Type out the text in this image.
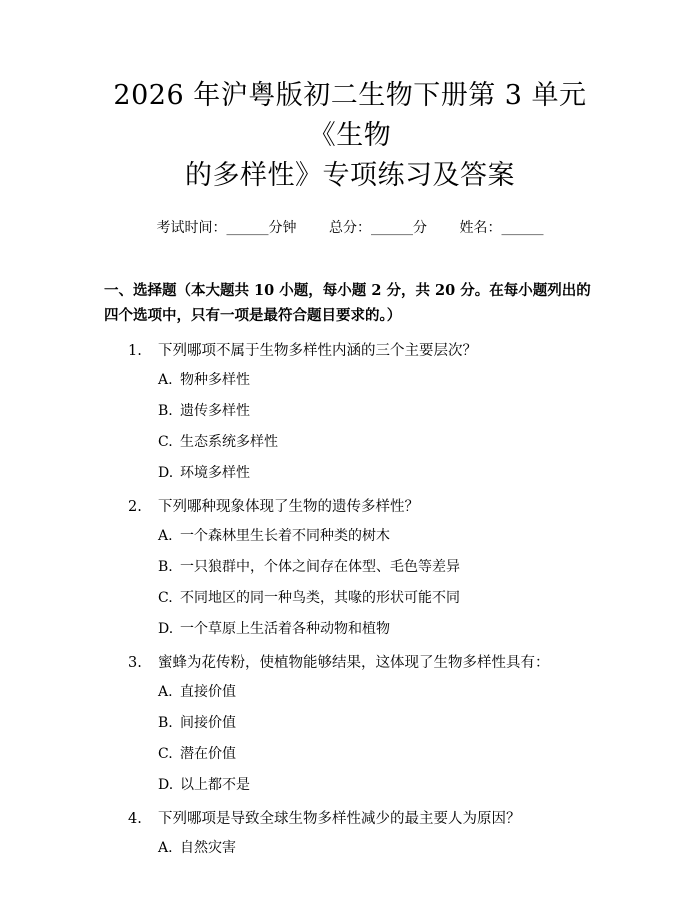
2026 年沪粤版初二生物下册第 3 单元《生物
的多样性》专项练习及答案
考试时间：______分钟 总分：______分 姓名：______
一、选择题（本大题共 10 小题，每小题 2 分，共 20 分。在每小题列出的四个选项中，只有一项是最符合题目要求的。）
1.	下列哪项不属于生物多样性内涵的三个主要层次？
A. 物种多样性
B. 遗传多样性
C. 生态系统多样性
D. 环境多样性
2.	下列哪种现象体现了生物的遗传多样性？
A. 一个森林里生长着不同种类的树木
B. 一只狼群中，个体之间存在体型、毛色等差异
C. 不同地区的同一种鸟类，其喙的形状可能不同
D. 一个草原上生活着各种动物和植物
3.	蜜蜂为花传粉，使植物能够结果，这体现了生物多样性具有：
A. 直接价值
B. 间接价值
C. 潜在价值
D. 以上都不是
4.	下列哪项是导致全球生物多样性减少的最主要人为原因？
A. 自然灾害
